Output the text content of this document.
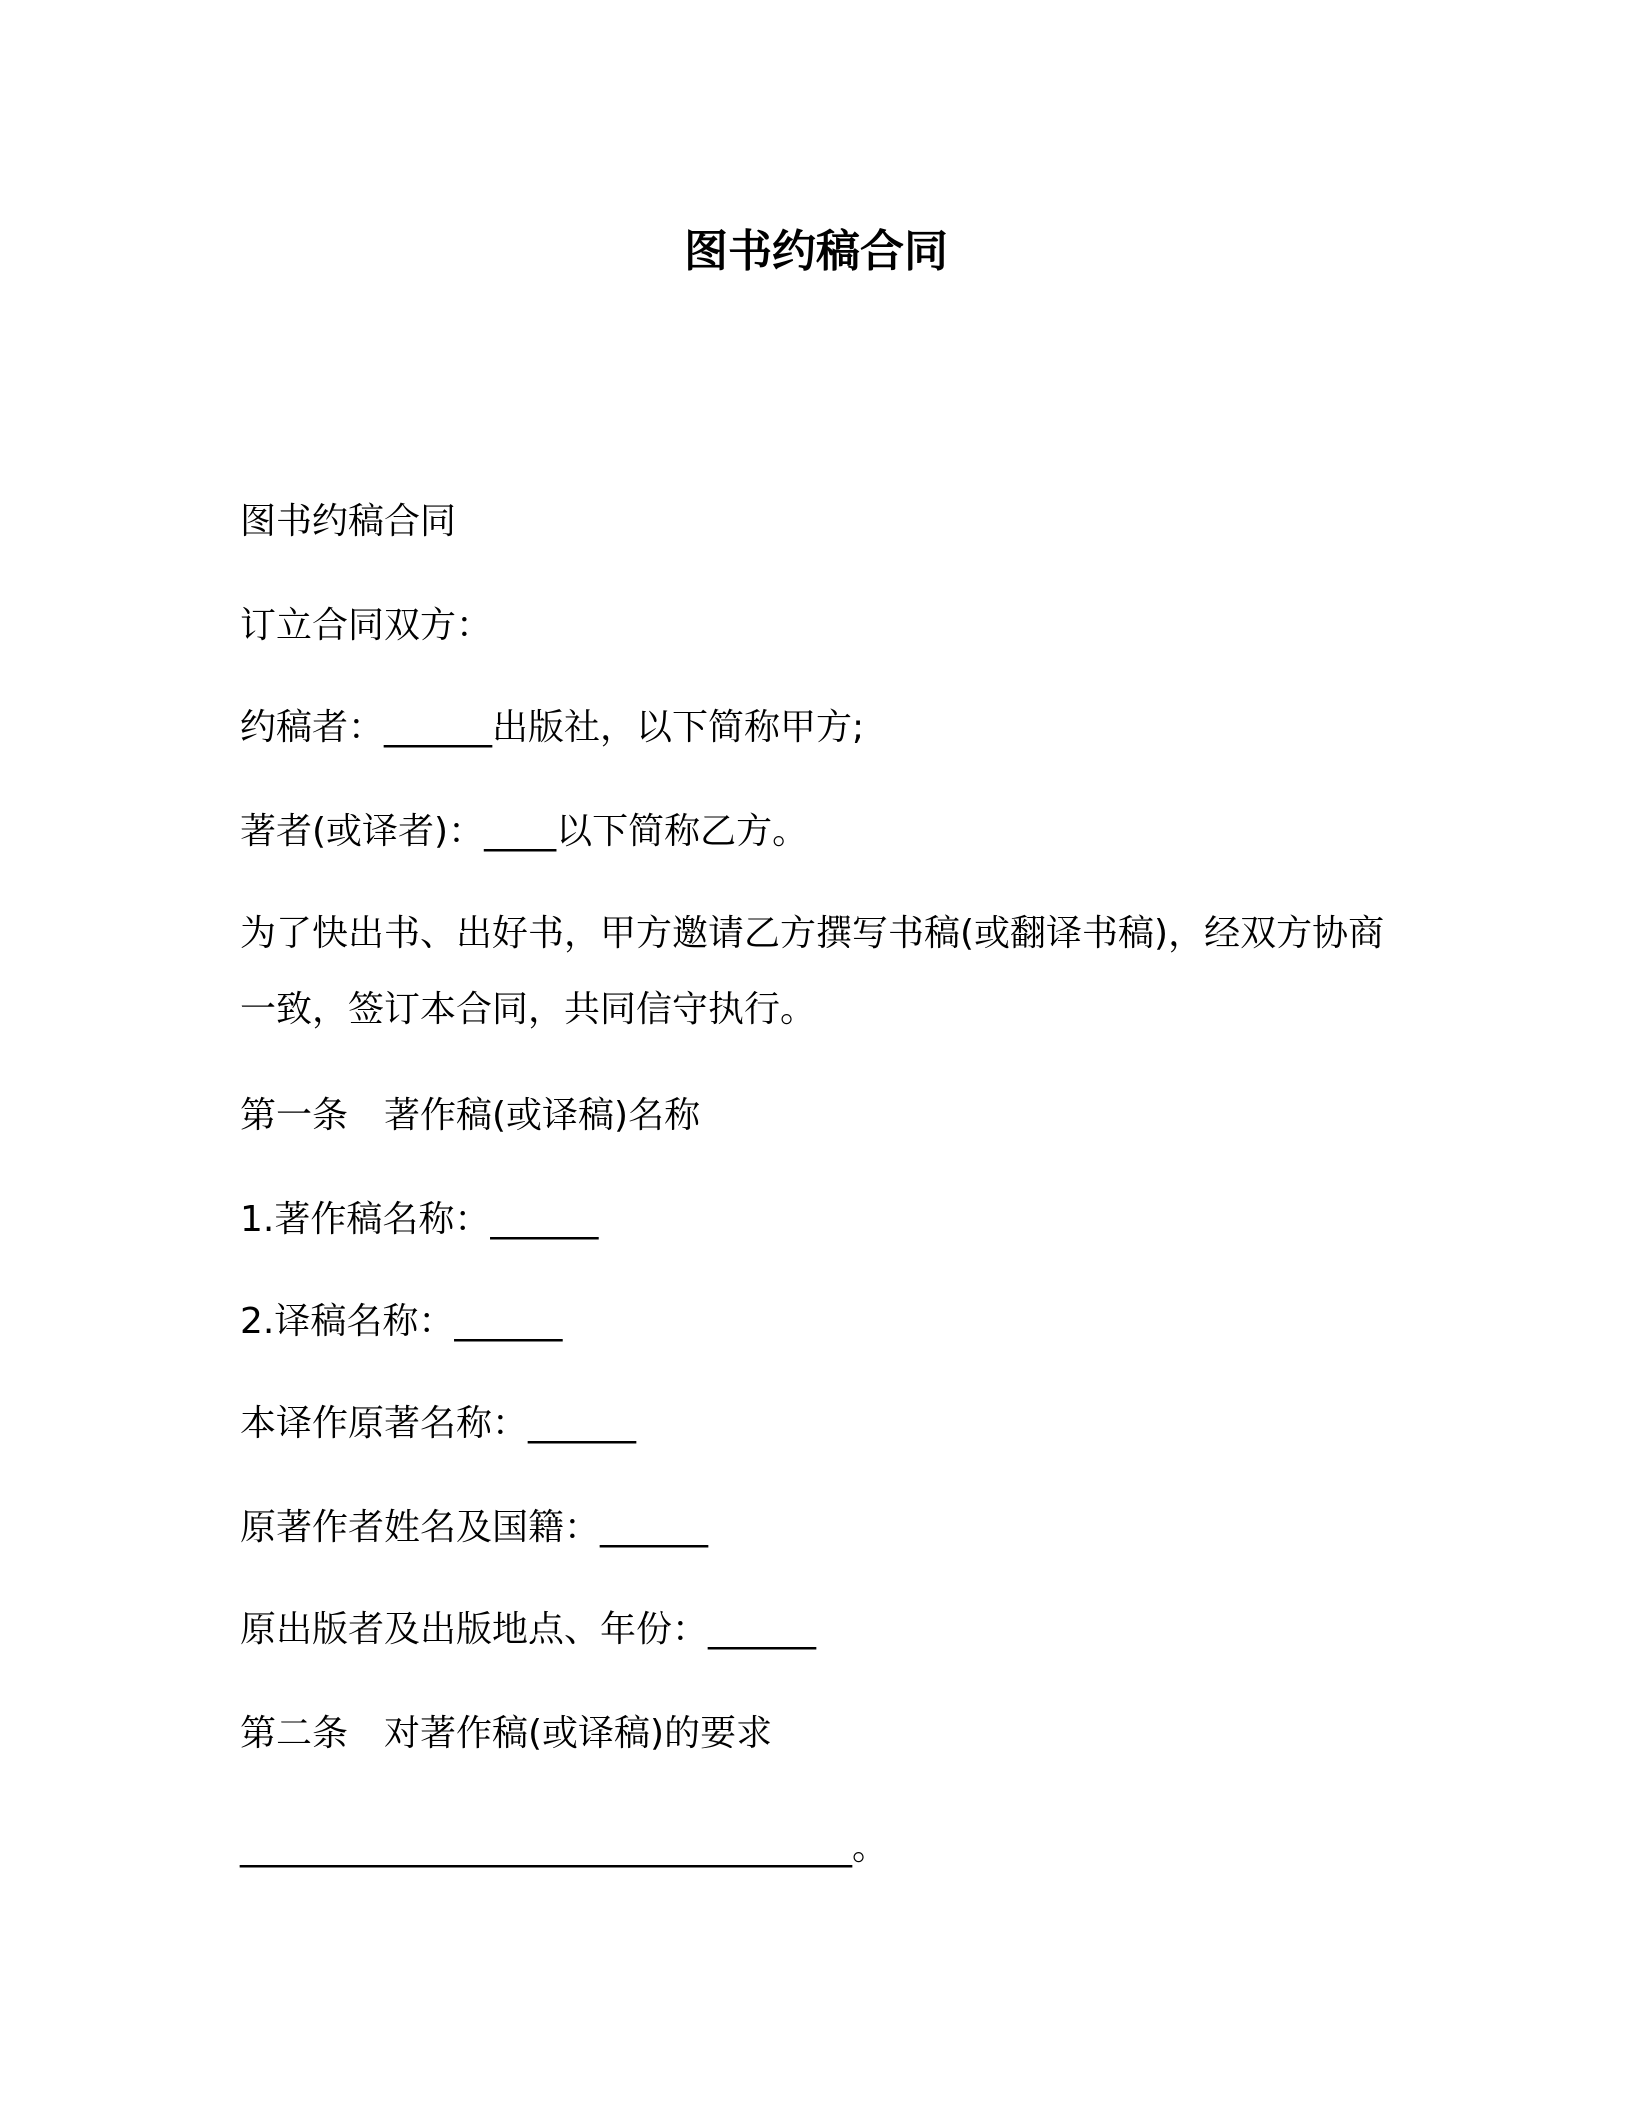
图书约稿合同

图书约稿合同

订立合同双方：

约稿者：______出版社，以下简称甲方;

著者(或译者)：____以下简称乙方。

为了快出书、出好书，甲方邀请乙方撰写书稿(或翻译书稿)，经双方协商一致，签订本合同，共同信守执行。

第一条　著作稿(或译稿)名称

1.著作稿名称：______

2.译稿名称：______

本译作原著名称：______

原著作者姓名及国籍：______

原出版者及出版地点、年份：______

第二条　对著作稿(或译稿)的要求

__________________________________。
